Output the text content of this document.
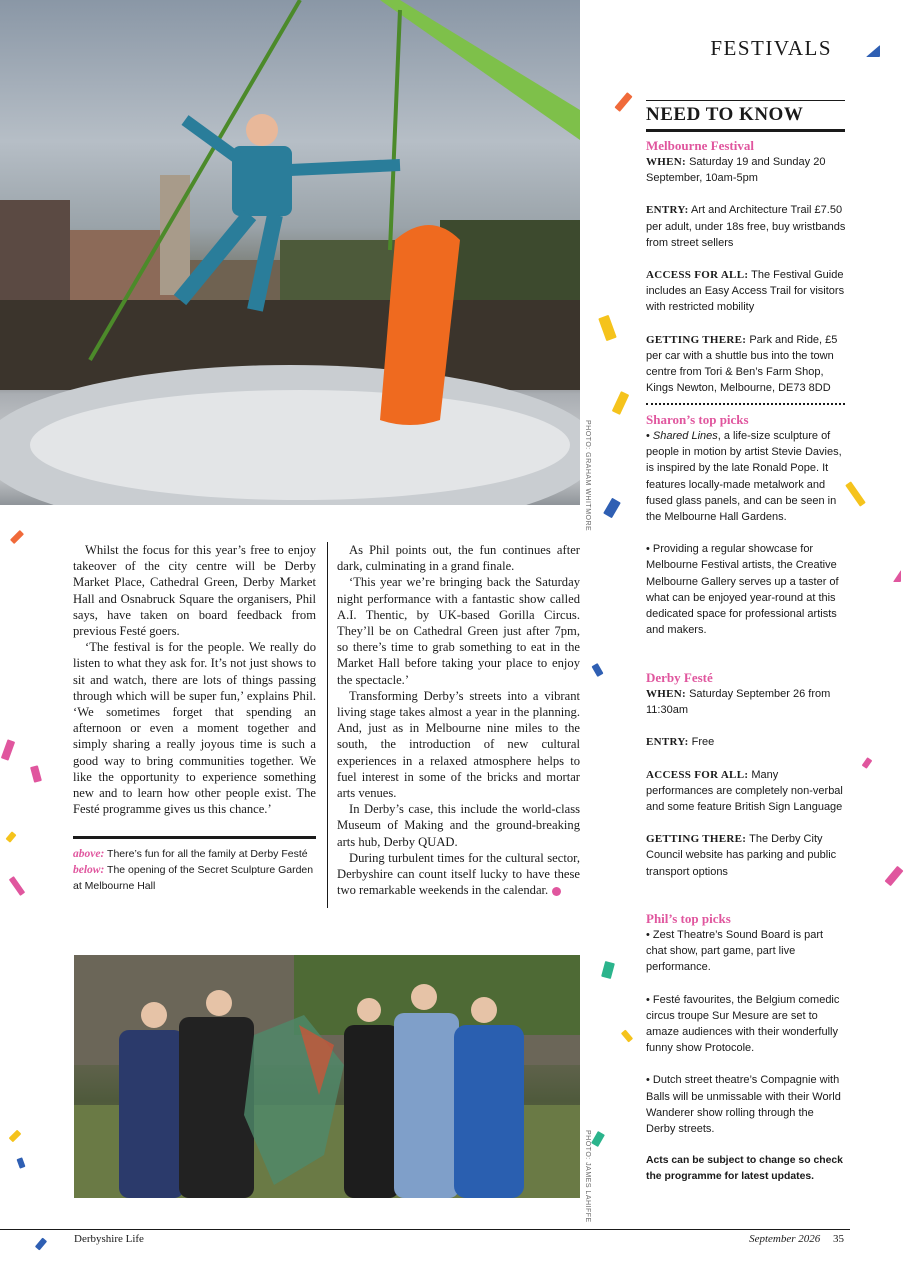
PHOTO: GRAHAM WHITMORE
FESTIVALS

Whilst the focus for this year’s free to enjoy takeover of the city centre will be Derby Market Place, Cathedral Green, Derby Market Hall and Osnabruck Square the organisers, Phil says, have taken on board feedback from previous Festé goers.

‘The festival is for the people. We really do listen to what they ask for. It’s not just shows to sit and watch, there are lots of things passing through which will be super fun,’ explains Phil. ‘We sometimes forget that spending an afternoon or even a moment together and simply sharing a really joyous time is such a good way to bring communities together. We like the opportunity to experience something new and to learn how other people exist. The Festé programme gives us this chance.’

As Phil points out, the fun continues after dark, culminating in a grand finale.

‘This year we’re bringing back the Saturday night performance with a fantastic show called A.I. Thentic, by UK-based Gorilla Circus. They’ll be on Cathedral Green just after 7pm, so there’s time to grab something to eat in the Market Hall before taking your place to enjoy the spectacle.’

Transforming Derby’s streets into a vibrant living stage takes almost a year in the planning. And, just as in Melbourne nine miles to the south, the introduction of new cultural experiences in a relaxed atmosphere helps to fuel interest in some of the bricks and mortar arts venues.

In Derby’s case, this include the world-class Museum of Making and the ground-breaking arts hub, Derby QUAD.

During turbulent times for the cultural sector, Derbyshire can count itself lucky to have these two remarkable weekends in the calendar.

above: There’s fun for all the family at Derby Festé
below: The opening of the Secret Sculpture Garden at Melbourne Hall
PHOTO: JAMES LAHIFFE
NEED TO KNOW
Melbourne Festival
WHEN: Saturday 19 and Sunday 20 September, 10am-5pm
ENTRY: Art and Architecture Trail £7.50 per adult, under 18s free, buy wristbands from street sellers
ACCESS FOR ALL: The Festival Guide includes an Easy Access Trail for visitors with restricted mobility
GETTING THERE: Park and Ride, £5 per car with a shuttle bus into the town centre from Tori & Ben’s Farm Shop, Kings Newton, Melbourne, DE73 8DD
Sharon’s top picks
• Shared Lines, a life-size sculpture of people in motion by artist Stevie Davies, is inspired by the late Ronald Pope. It features locally-made metalwork and fused glass panels, and can be seen in the Melbourne Hall Gardens.
• Providing a regular showcase for Melbourne Festival artists, the Creative Melbourne Gallery serves up a taster of what can be enjoyed year-round at this dedicated space for professional artists and makers.
Derby Festé
WHEN: Saturday September 26 from 11:30am
ENTRY: Free
ACCESS FOR ALL: Many performances are completely non-verbal and some feature British Sign Language
GETTING THERE: The Derby City Council website has parking and public transport options
Phil’s top picks
• Zest Theatre’s Sound Board is part chat show, part game, part live performance.
• Festé favourites, the Belgium comedic circus troupe Sur Mesure are set to amaze audiences with their wonderfully funny show Protocole.
• Dutch street theatre’s Compagnie with Balls will be unmissable with their World Wanderer show rolling through the Derby streets.
Acts can be subject to change so check the programme for latest updates.
Derbyshire Life	September 2026 35
